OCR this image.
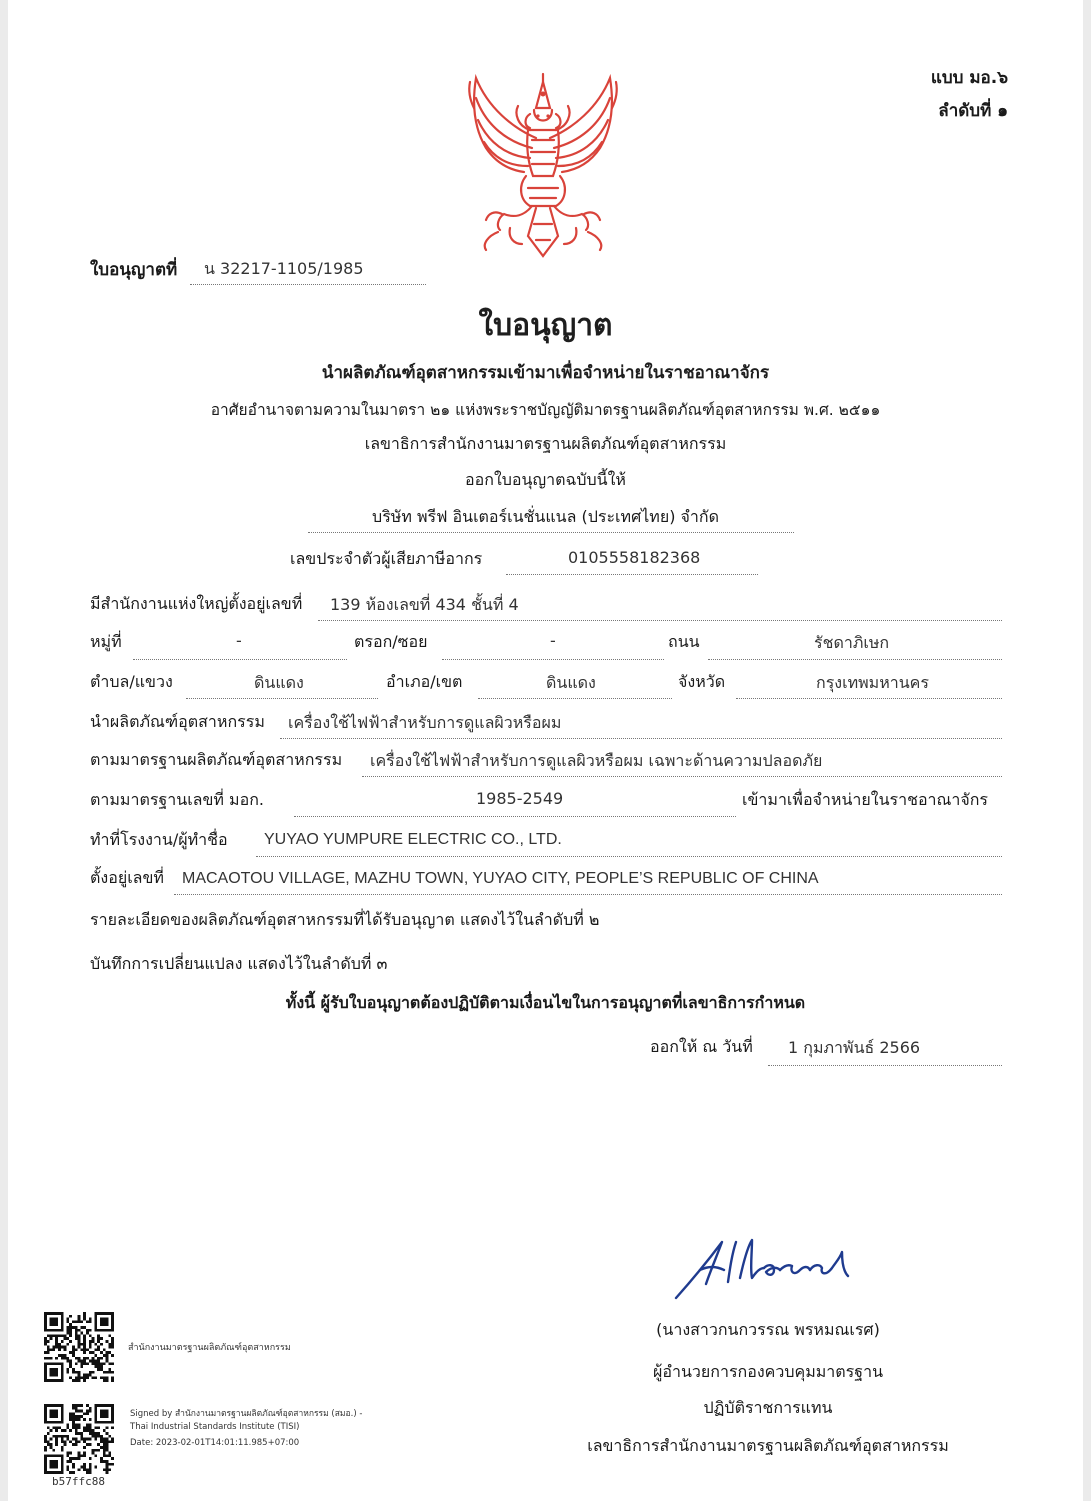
แบบ มอ.๖
ลำดับที่ ๑
ใบอนุญาตที่ น 32217-1105/1985
ใบอนุญาต
นำผลิตภัณฑ์อุตสาหกรรมเข้ามาเพื่อจำหน่ายในราชอาณาจักร
อาศัยอำนาจตามความในมาตรา ๒๑ แห่งพระราชบัญญัติมาตรฐานผลิตภัณฑ์อุตสาหกรรม พ.ศ. ๒๕๑๑
เลขาธิการสำนักงานมาตรฐานผลิตภัณฑ์อุตสาหกรรม
ออกใบอนุญาตฉบับนี้ให้
บริษัท พรีฟ อินเตอร์เนชั่นแนล (ประเทศไทย) จำกัด
เลขประจำตัวผู้เสียภาษีอากร	0105558182368
มีสำนักงานแห่งใหญ่ตั้งอยู่เลขที่ 139 ห้องเลขที่ 434 ชั้นที่ 4
หมู่ที่	-	ตรอก/ซอย	-	ถนน	รัชดาภิเษก
ตำบล/แขวง	ดินแดง	อำเภอ/เขต	ดินแดง	จังหวัด	กรุงเทพมหานคร
นำผลิตภัณฑ์อุตสาหกรรม เครื่องใช้ไฟฟ้าสำหรับการดูแลผิวหรือผม
ตามมาตรฐานผลิตภัณฑ์อุตสาหกรรม เครื่องใช้ไฟฟ้าสำหรับการดูแลผิวหรือผม เฉพาะด้านความปลอดภัย
ตามมาตรฐานเลขที่ มอก.	1985-2549	เข้ามาเพื่อจำหน่ายในราชอาณาจักร
ทำที่โรงงาน/ผู้ทำชื่อ YUYAO YUMPURE ELECTRIC CO., LTD.
ตั้งอยู่เลขที่ MACAOTOU VILLAGE, MAZHU TOWN, YUYAO CITY, PEOPLE’S REPUBLIC OF CHINA
รายละเอียดของผลิตภัณฑ์อุตสาหกรรมที่ได้รับอนุญาต แสดงไว้ในลำดับที่ ๒
บันทึกการเปลี่ยนแปลง แสดงไว้ในลำดับที่ ๓
ทั้งนี้ ผู้รับใบอนุญาตต้องปฏิบัติตามเงื่อนไขในการอนุญาตที่เลขาธิการกำหนด
ออกให้ ณ วันที่ 1 กุมภาพันธ์ 2566
(นางสาวกนกวรรณ พรหมณเรศ)
ผู้อำนวยการกองควบคุมมาตรฐาน
ปฏิบัติราชการแทน
เลขาธิการสำนักงานมาตรฐานผลิตภัณฑ์อุตสาหกรรม
สำนักงานมาตรฐานผลิตภัณฑ์อุตสาหกรรม
Signed by สำนักงานมาตรฐานผลิตภัณฑ์อุตสาหกรรม (สมอ.) -
Thai Industrial Standards Institute (TISI)
Date: 2023-02-01T14:01:11.985+07:00
b57ffc88
